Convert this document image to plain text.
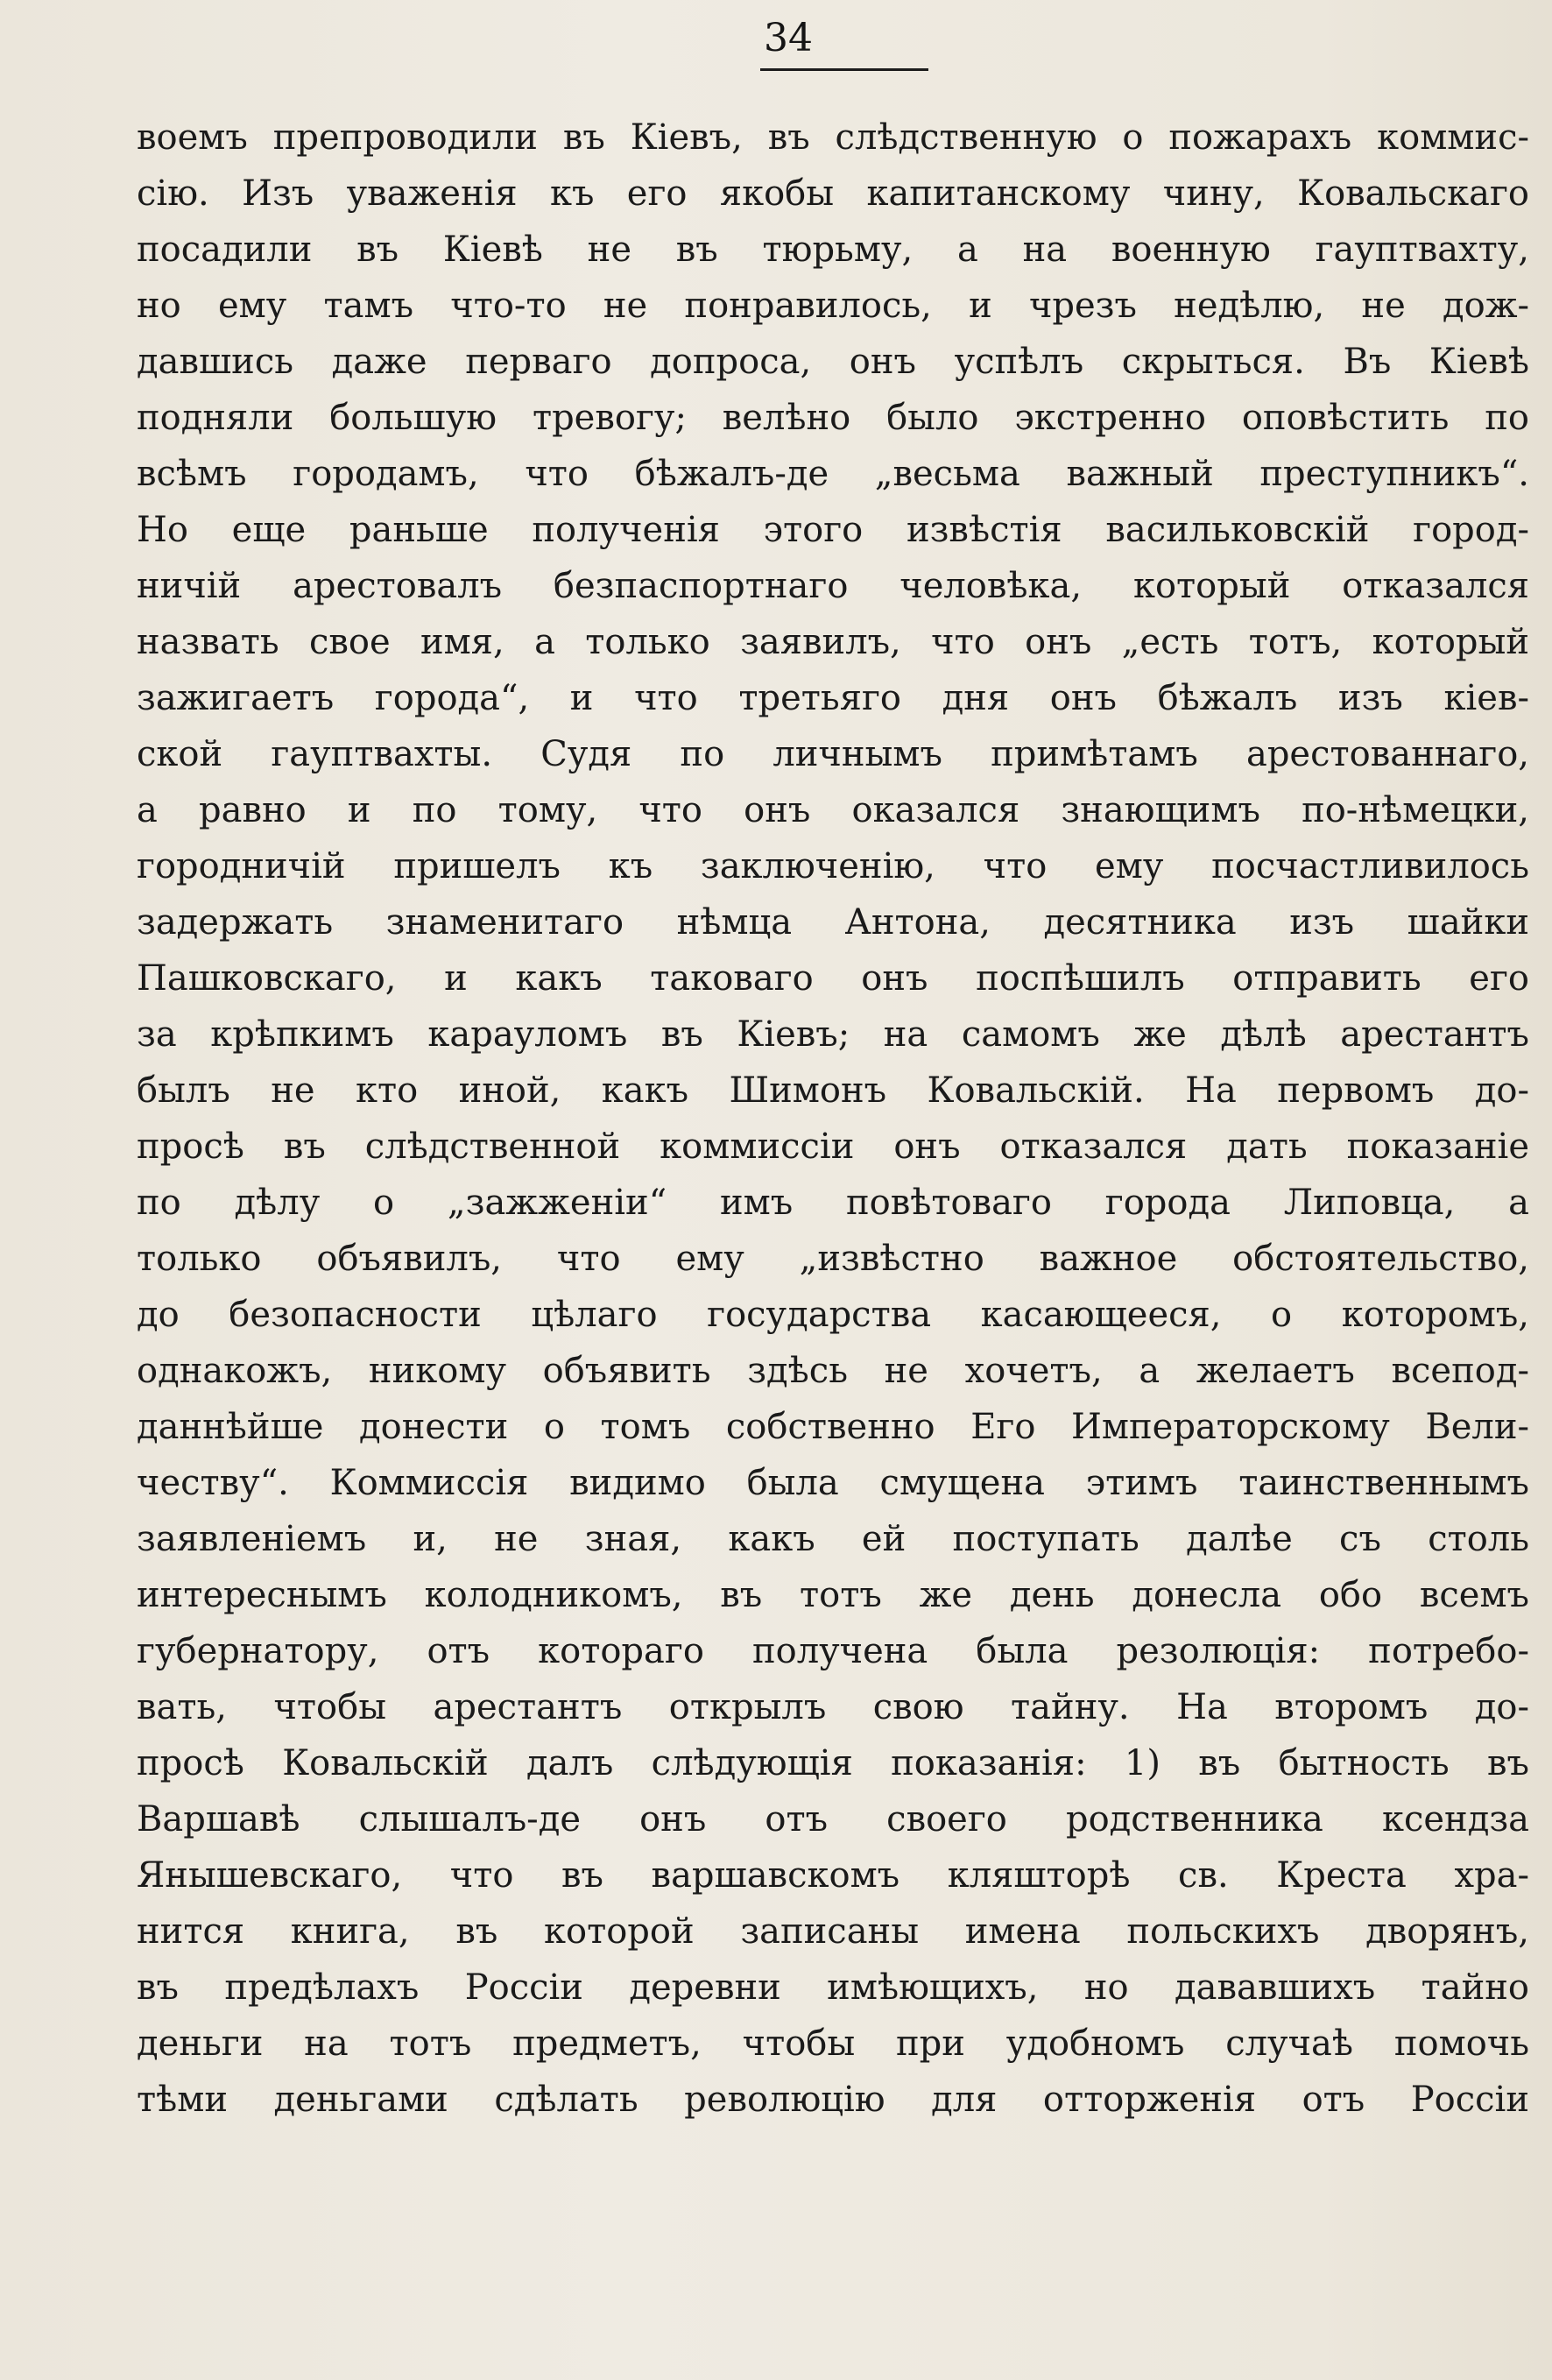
34
воемъ препроводили въ Кіевъ, въ слѣдственную о пожарахъ коммис-
сію. Изъ уваженія къ его якобы капитанскому чину, Ковальскаго
посадили въ Кіевѣ не въ тюрьму, а на военную гауптвахту,
но ему тамъ что-то не понравилось, и чрезъ недѣлю, не дож-
давшись даже перваго допроса, онъ успѣлъ скрыться. Въ Кіевѣ
подняли большую тревогу; велѣно было экстренно оповѣстить по
всѣмъ городамъ, что бѣжалъ-де „весьма важный преступникъ“.
Но еще раньше полученія этого извѣстія васильковскій город-
ничій арестовалъ безпаспортнаго человѣка, который отказался
назвать свое имя, а только заявилъ, что онъ „есть тотъ, который
зажигаетъ города“, и что третьяго дня онъ бѣжалъ изъ кіев-
ской гауптвахты. Судя по личнымъ примѣтамъ арестованнаго,
а равно и по тому, что онъ оказался знающимъ по-нѣмецки,
городничій пришелъ къ заключенію, что ему посчастливилось
задержать знаменитаго нѣмца Антона, десятника изъ шайки
Пашковскаго, и какъ таковаго онъ поспѣшилъ отправить его
за крѣпкимъ карауломъ въ Кіевъ; на самомъ же дѣлѣ арестантъ
былъ не кто иной, какъ Шимонъ Ковальскій. На первомъ до-
просѣ въ слѣдственной коммиссіи онъ отказался дать показаніе
по дѣлу о „зажженіи“ имъ повѣтоваго города Липовца, а
только объявилъ, что ему „извѣстно важное обстоятельство,
до безопасности цѣлаго государства касающееся, о которомъ,
однакожъ, никому объявить здѣсь не хочетъ, а желаетъ всепод-
даннѣйше донести о томъ собственно Его Императорскому Вели-
честву“. Коммиссія видимо была смущена этимъ таинственнымъ
заявленіемъ и, не зная, какъ ей поступать далѣе съ столь
интереснымъ колодникомъ, въ тотъ же день донесла обо всемъ
губернатору, отъ котораго получена была резолюція: потребо-
вать, чтобы арестантъ открылъ свою тайну. На второмъ до-
просѣ Ковальскій далъ слѣдующія показанія: 1) въ бытность въ
Варшавѣ слышалъ-де онъ отъ своего родственника ксендза
Янышевскаго, что въ варшавскомъ кляшторѣ св. Креста хра-
нится книга, въ которой записаны имена польскихъ дворянъ,
въ предѣлахъ Россіи деревни имѣющихъ, но дававшихъ тайно
деньги на тотъ предметъ, чтобы при удобномъ случаѣ помочь
тѣми деньгами сдѣлать революцію для отторженія отъ Россіи
